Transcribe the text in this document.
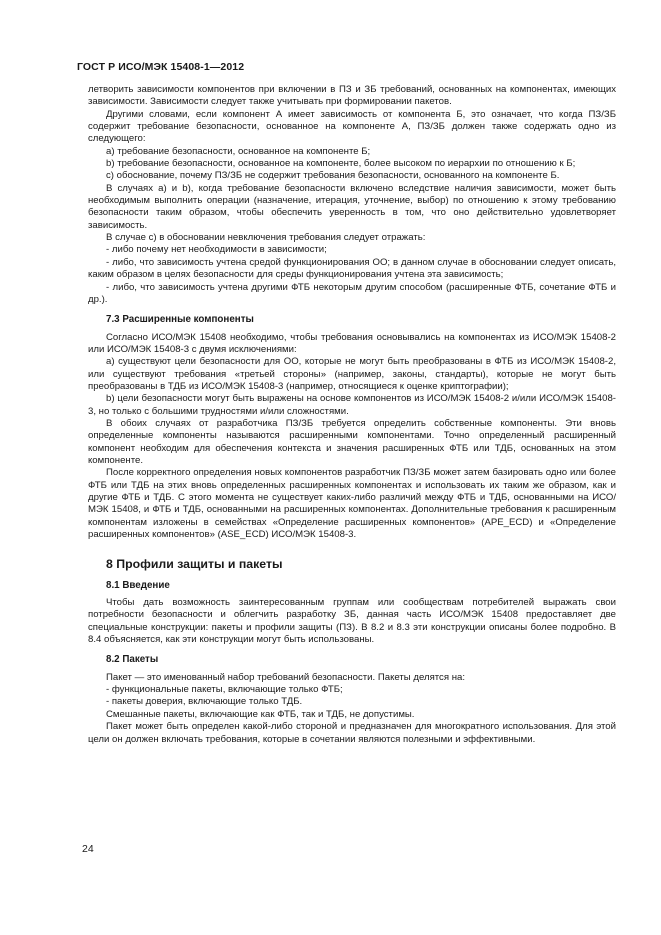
ГОСТ Р ИСО/МЭК 15408-1—2012

летворить зависимости компонентов при включении в ПЗ и ЗБ требований, основанных на компонентах, имеющих зависимости. Зависимости следует также учитывать при формировании пакетов.

Другими словами, если компонент А имеет зависимость от компонента Б, это означает, что когда ПЗ/ЗБ содержит требование безопасности, основанное на компоненте А, ПЗ/ЗБ должен также содержать одно из следующего:

a) требование безопасности, основанное на компоненте Б;

b) требование безопасности, основанное на компоненте, более высоком по иерархии по отношению к Б;

c) обоснование, почему ПЗ/ЗБ не содержит требования безопасности, основанного на компоненте Б.

В случаях a) и b), когда требование безопасности включено вследствие наличия зависимости, может быть необходимым выполнить операции (назначение, итерация, уточнение, выбор) по отношению к этому требованию безопасности таким образом, чтобы обеспечить уверенность в том, что оно действительно удовлетворяет зависимость.

В случае c) в обосновании невключения требования следует отражать:

- либо почему нет необходимости в зависимости;

- либо, что зависимость учтена средой функционирования ОО; в данном случае в обосновании следует описать, каким образом в целях безопасности для среды функционирования учтена эта зависимость;

- либо, что зависимость учтена другими ФТБ некоторым другим способом (расширенные ФТБ, сочетание ФТБ и др.).

7.3 Расширенные компоненты

Согласно ИСО/МЭК 15408 необходимо, чтобы требования основывались на компонентах из ИСО/МЭК 15408-2 или ИСО/МЭК 15408-3 с двумя исключениями:

a) существуют цели безопасности для ОО, которые не могут быть преобразованы в ФТБ из ИСО/МЭК 15408-2, или существуют требования «третьей стороны» (например, законы, стандарты), которые не могут быть преобразованы в ТДБ из ИСО/МЭК 15408-3 (например, относящиеся к оценке криптографии);

b) цели безопасности могут быть выражены на основе компонентов из ИСО/МЭК 15408-2 и/или ИСО/МЭК 15408-3, но только с большими трудностями и/или сложностями.

В обоих случаях от разработчика ПЗ/ЗБ требуется определить собственные компоненты. Эти вновь определенные компоненты называются расширенными компонентами. Точно определенный расширенный компонент необходим для обеспечения контекста и значения расширенных ФТБ или ТДБ, основанных на этом компоненте.

После корректного определения новых компонентов разработчик ПЗ/ЗБ может затем базировать одно или более ФТБ или ТДБ на этих вновь определенных расширенных компонентах и использовать их таким же образом, как и другие ФТБ и ТДБ. С этого момента не существует каких-либо различий между ФТБ и ТДБ, основанными на ИСО/МЭК 15408, и ФТБ и ТДБ, основанными на расширенных компонентах. Дополнительные требования к расширенным компонентам изложены в семействах «Определение расширенных компонентов» (APE_ECD) и «Определение расширенных компонентов» (ASE_ECD) ИСО/МЭК 15408-3.

8 Профили защиты и пакеты
8.1 Введение

Чтобы дать возможность заинтересованным группам или сообществам потребителей выражать свои потребности безопасности и облегчить разработку ЗБ, данная часть ИСО/МЭК 15408 предоставляет две специальные конструкции: пакеты и профили защиты (ПЗ). В 8.2 и 8.3 эти конструкции описаны более подробно. В 8.4 объясняется, как эти конструкции могут быть использованы.

8.2 Пакеты

Пакет — это именованный набор требований безопасности. Пакеты делятся на:

- функциональные пакеты, включающие только ФТБ;

- пакеты доверия, включающие только ТДБ.

Смешанные пакеты, включающие как ФТБ, так и ТДБ, не допустимы.

Пакет может быть определен какой-либо стороной и предназначен для многократного использования. Для этой цели он должен включать требования, которые в сочетании являются полезными и эффективными.

24
